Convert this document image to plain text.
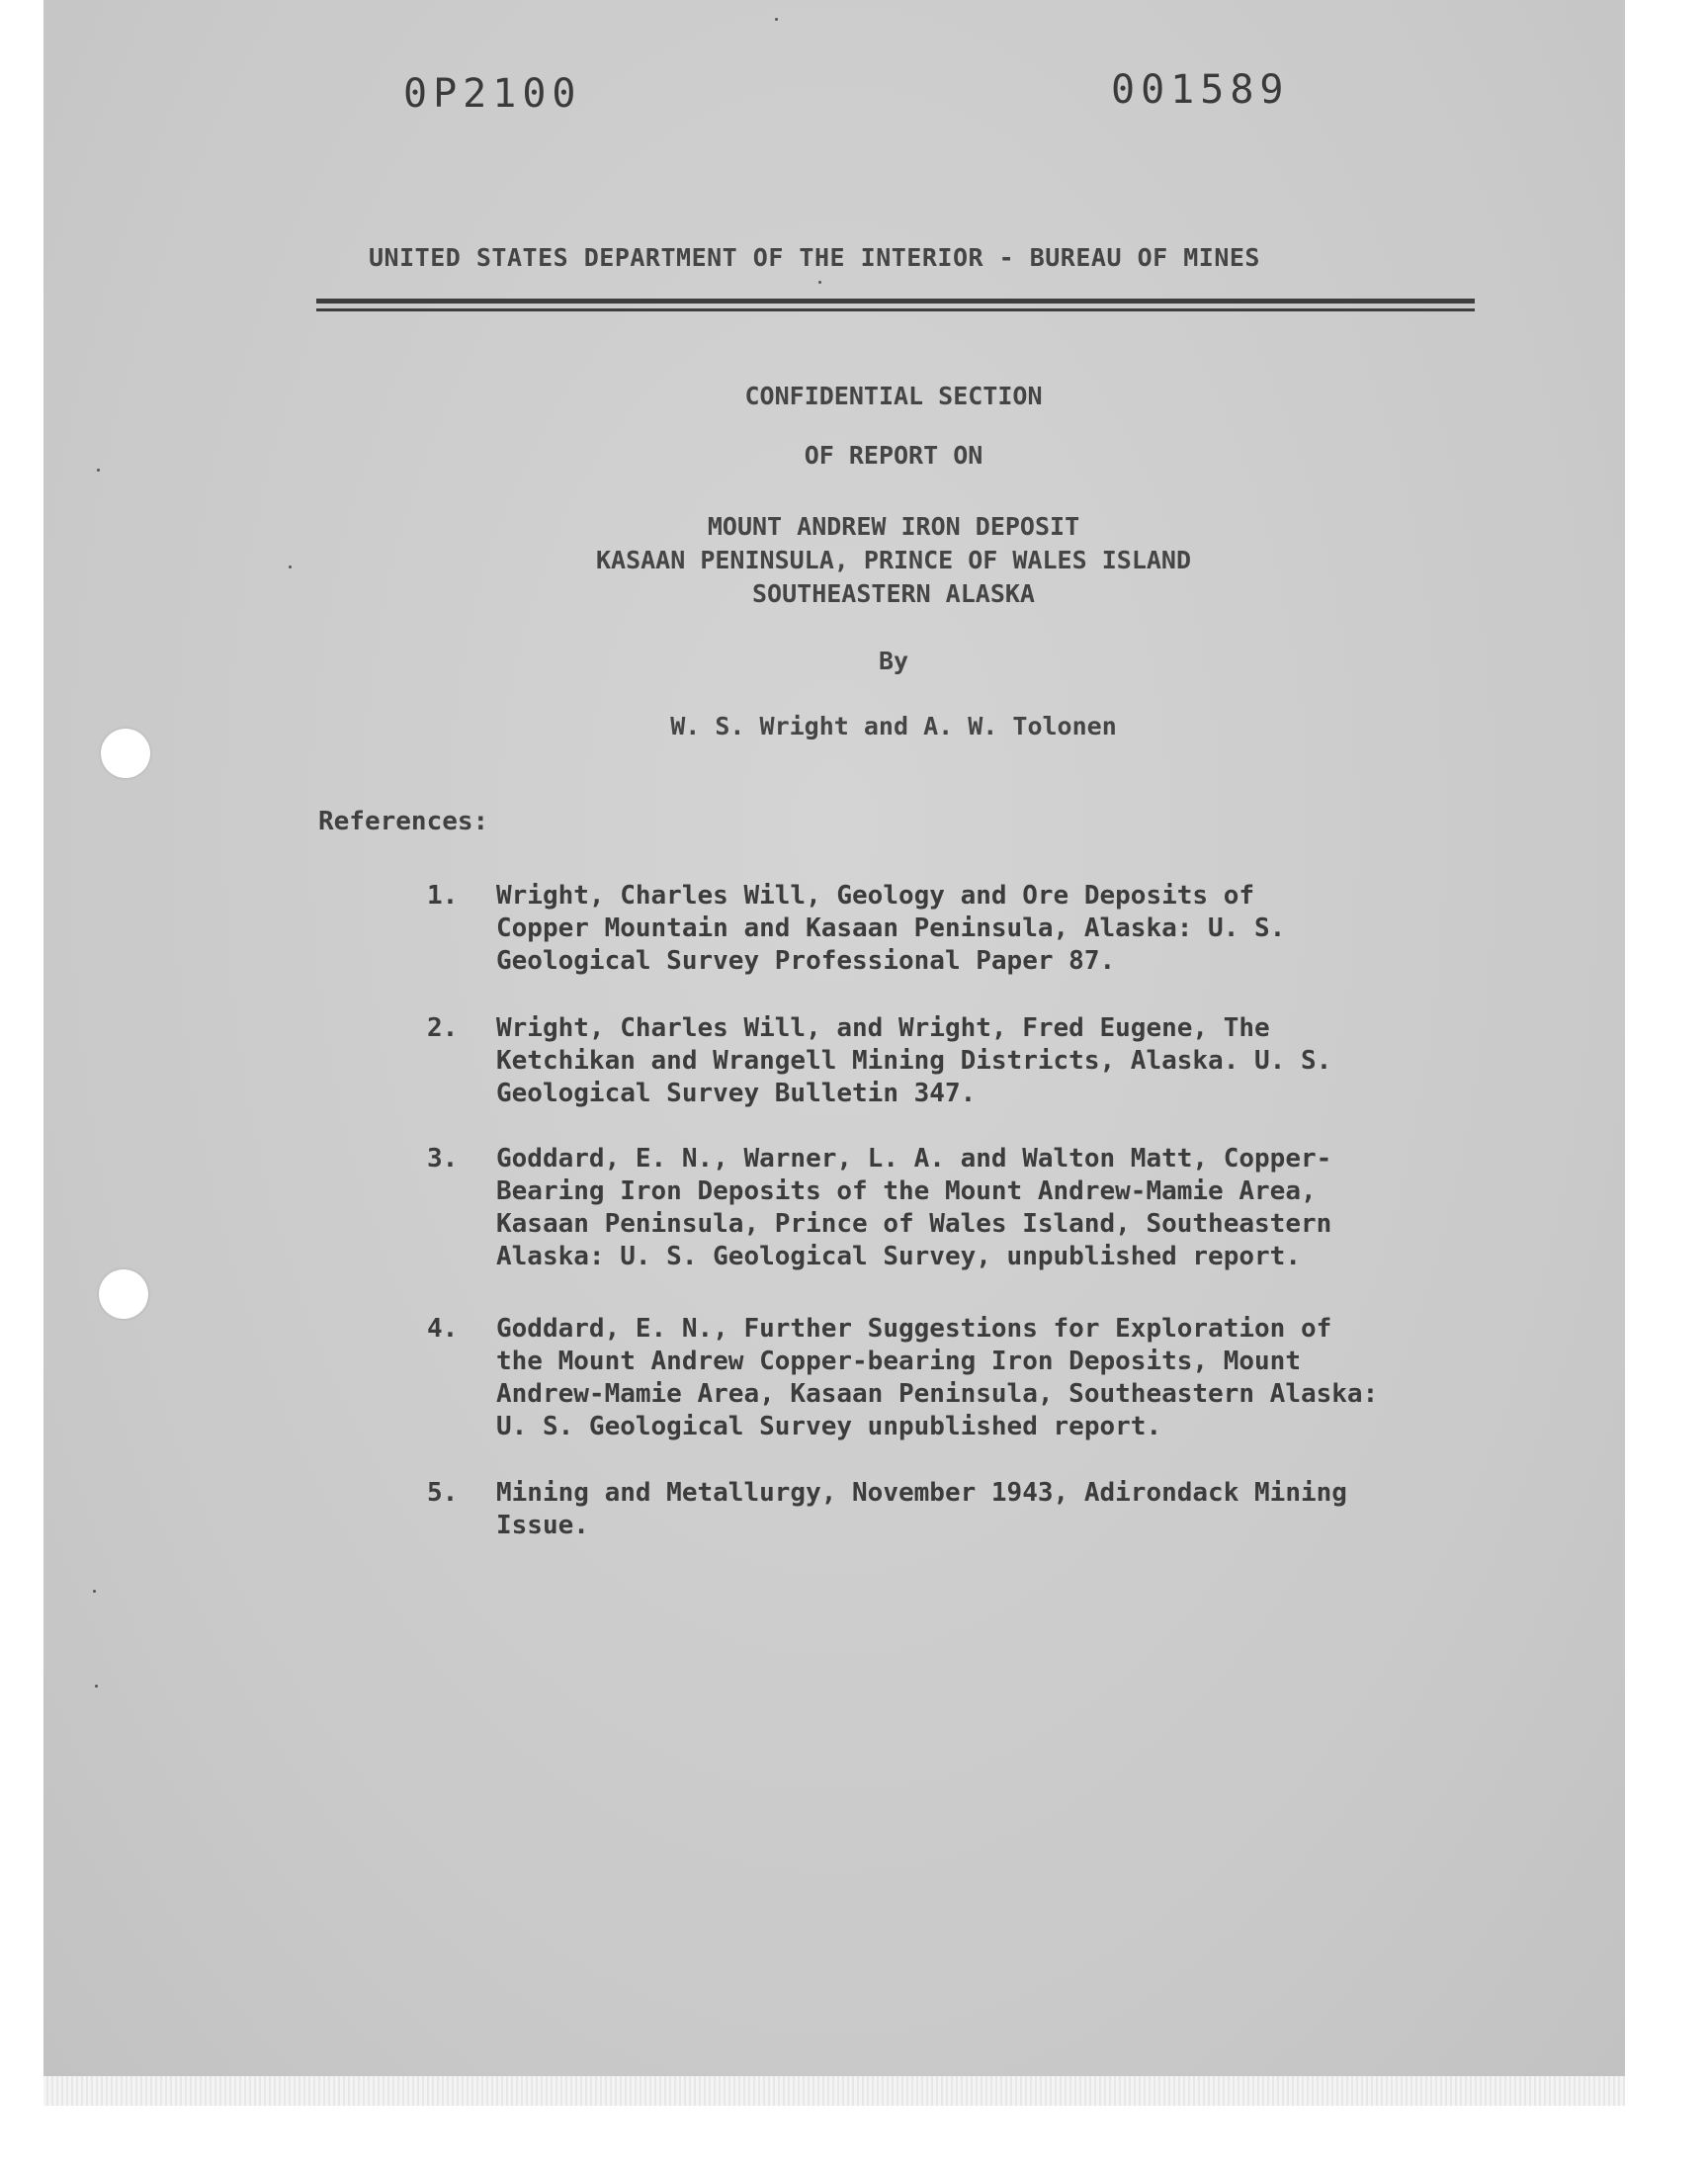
0P2100	001589
UNITED STATES DEPARTMENT OF THE INTERIOR - BUREAU OF MINES
CONFIDENTIAL SECTION
OF REPORT ON
MOUNT ANDREW IRON DEPOSIT
KASAAN PENINSULA, PRINCE OF WALES ISLAND
SOUTHEASTERN ALASKA
By
W. S. Wright and A. W. Tolonen
References:
1.	Wright, Charles Will, Geology and Ore Deposits of
Copper Mountain and Kasaan Peninsula, Alaska: U. S.
Geological Survey Professional Paper 87.
2.	Wright, Charles Will, and Wright, Fred Eugene, The
Ketchikan and Wrangell Mining Districts, Alaska. U. S.
Geological Survey Bulletin 347.
3.	Goddard, E. N., Warner, L. A. and Walton Matt, Copper-
Bearing Iron Deposits of the Mount Andrew-Mamie Area,
Kasaan Peninsula, Prince of Wales Island, Southeastern
Alaska: U. S. Geological Survey, unpublished report.
4.	Goddard, E. N., Further Suggestions for Exploration of
the Mount Andrew Copper-bearing Iron Deposits, Mount
Andrew-Mamie Area, Kasaan Peninsula, Southeastern Alaska:
U. S. Geological Survey unpublished report.
5.	Mining and Metallurgy, November 1943, Adirondack Mining
Issue.
